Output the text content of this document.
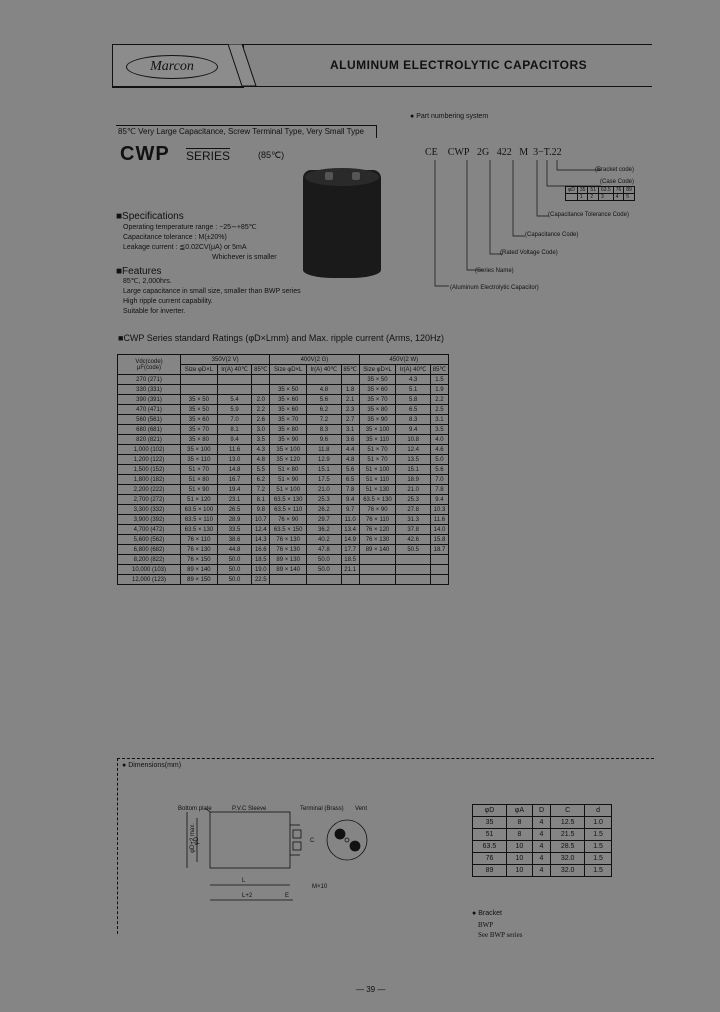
Marcon	ALUMINUM ELECTROLYTIC CAPACITORS
85℃ Very Large Capacitance, Screw Terminal Type, Very Small Type
CWP SERIES	(85℃)
● Part numbering system
CE CWP 2G 422 M 3−T.22
(Bracket code)
(Case Code)
φD	35	51	63.5	76	89
	1	2	3	4	5
(Capacitance Tolerance Code)
(Capacitance Code)
(Rated Voltage Code)
(Series Name)
(Aluminum Electrolytic Capacitor)
■Specifications
Operating temperature range : −25∼+85℃
Capacitance tolerance : M(±20%)
Leakage current : ≦0.02CV(μA) or 5mA
Whichever is smaller
■Features
85℃, 2,000hrs.
Large capacitance in small size, smaller than BWP series
High ripple current capability.
Suitable for inverter.
■CWP Series standard Ratings (φD×Lmm) and Max. ripple current (Arms, 120Hz)
Vdc(code)
μF(code)	350V(2 V)			400V(2 G)			450V(2 W)		
	Size φD×L	Ir(A) 40℃	85℃	Size φD×L	Ir(A) 40℃	85℃	Size φD×L	Ir(A) 40℃	85℃
270 (271)							35 × 50	4.3	1.5
330 (331)				35 × 50	4.8	1.8	35 × 60	5.1	1.9
390 (391)	35 × 50	5.4	2.0	35 × 60	5.6	2.1	35 × 70	5.8	2.2
470 (471)	35 × 50	5.9	2.2	35 × 60	6.2	2.3	35 × 80	6.5	2.5
560 (561)	35 × 60	7.0	2.6	35 × 70	7.2	2.7	35 × 90	8.3	3.1
680 (681)	35 × 70	8.1	3.0	35 × 80	8.3	3.1	35 × 100	9.4	3.5
820 (821)	35 × 80	9.4	3.5	35 × 90	9.6	3.6	35 × 110	10.8	4.0
1,000 (102)	35 × 100	11.6	4.3	35 × 100	11.8	4.4	51 × 70	12.4	4.6
1,200 (122)	35 × 110	13.0	4.8	35 × 120	12.9	4.8	51 × 70	13.5	5.0
1,500 (152)	51 × 70	14.8	5.5	51 × 80	15.1	5.6	51 × 100	15.1	5.6
1,800 (182)	51 × 80	16.7	6.2	51 × 90	17.5	6.5	51 × 110	18.9	7.0
2,200 (222)	51 × 90	19.4	7.2	51 × 100	21.0	7.8	51 × 130	21.0	7.8
2,700 (272)	51 × 120	23.1	8.1	63.5 × 130	25.3	9.4	63.5 × 130	25.3	9.4
3,300 (332)	63.5 × 100	26.5	9.8	63.5 × 110	26.2	9.7	76 × 90	27.8	10.3
3,900 (392)	63.5 × 110	28.9	10.7	76 × 90	29.7	11.0	76 × 110	31.3	11.6
4,700 (472)	63.5 × 130	33.5	12.4	63.5 × 150	36.2	13.4	76 × 120	37.8	14.0
5,600 (562)	76 × 110	38.6	14.3	76 × 130	40.2	14.9	76 × 130	42.6	15.8
6,800 (682)	76 × 130	44.8	16.6	76 × 130	47.8	17.7	89 × 140	50.5	18.7
8,200 (822)	76 × 150	50.0	18.5	89 × 130	50.0	18.5			
10,000 (103)	89 × 140	50.0	19.0	89 × 140	50.0	21.1			
12,000 (123)	89 × 150	50.0	22.5						
● Dimensions(mm)
Bottom plate	P.V.C Sleeve	Terminal (Brass) Vent
φD+2 max.
φD
L
L+2
M×10
C
E
φD	φA	D	C	d
35	8	4	12.5	1.0
51	8	4	21.5	1.5
63.5	10	4	28.5	1.5
76	10	4	32.0	1.5
89	10	4	32.0	1.5
● Bracket
BWP
See BWP series
— 39 —
